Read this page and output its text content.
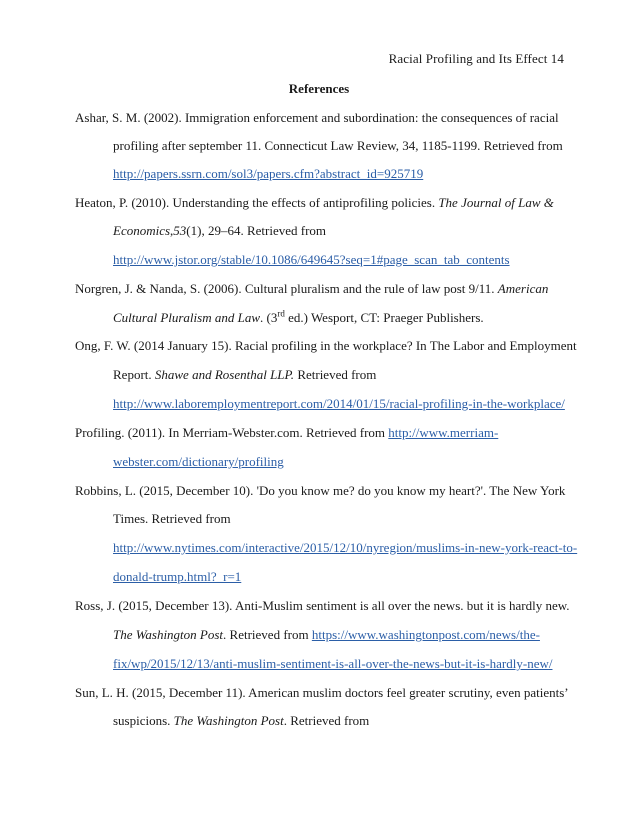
Racial Profiling and Its Effect 14
References
Ashar, S. M. (2002). Immigration enforcement and subordination: the consequences of racial
profiling after september 11. Connecticut Law Review, 34, 1185-1199. Retrieved from
http://papers.ssrn.com/sol3/papers.cfm?abstract_id=925719
Heaton, P. (2010). Understanding the effects of antiprofiling policies. The Journal of Law &
Economics,53(1), 29–64. Retrieved from
http://www.jstor.org/stable/10.1086/649645?seq=1#page_scan_tab_contents
Norgren, J. & Nanda, S. (2006). Cultural pluralism and the rule of law post 9/11. American
Cultural Pluralism and Law. (3rd ed.) Wesport, CT: Praeger Publishers.
Ong, F. W. (2014 January 15). Racial profiling in the workplace? In The Labor and Employment
Report. Shawe and Rosenthal LLP. Retrieved from
http://www.laboremploymentreport.com/2014/01/15/racial-profiling-in-the-workplace/
Profiling. (2011). In Merriam-Webster.com. Retrieved from http://www.merriam-
webster.com/dictionary/profiling
Robbins, L. (2015, December 10). 'Do you know me? do you know my heart?'. The New York
Times. Retrieved from
http://www.nytimes.com/interactive/2015/12/10/nyregion/muslims-in-new-york-react-to-
donald-trump.html?_r=1
Ross, J. (2015, December 13). Anti-Muslim sentiment is all over the news. but it is hardly new.
The Washington Post. Retrieved from https://www.washingtonpost.com/news/the-
fix/wp/2015/12/13/anti-muslim-sentiment-is-all-over-the-news-but-it-is-hardly-new/
Sun, L. H. (2015, December 11). American muslim doctors feel greater scrutiny, even patients’
suspicions. The Washington Post. Retrieved from
